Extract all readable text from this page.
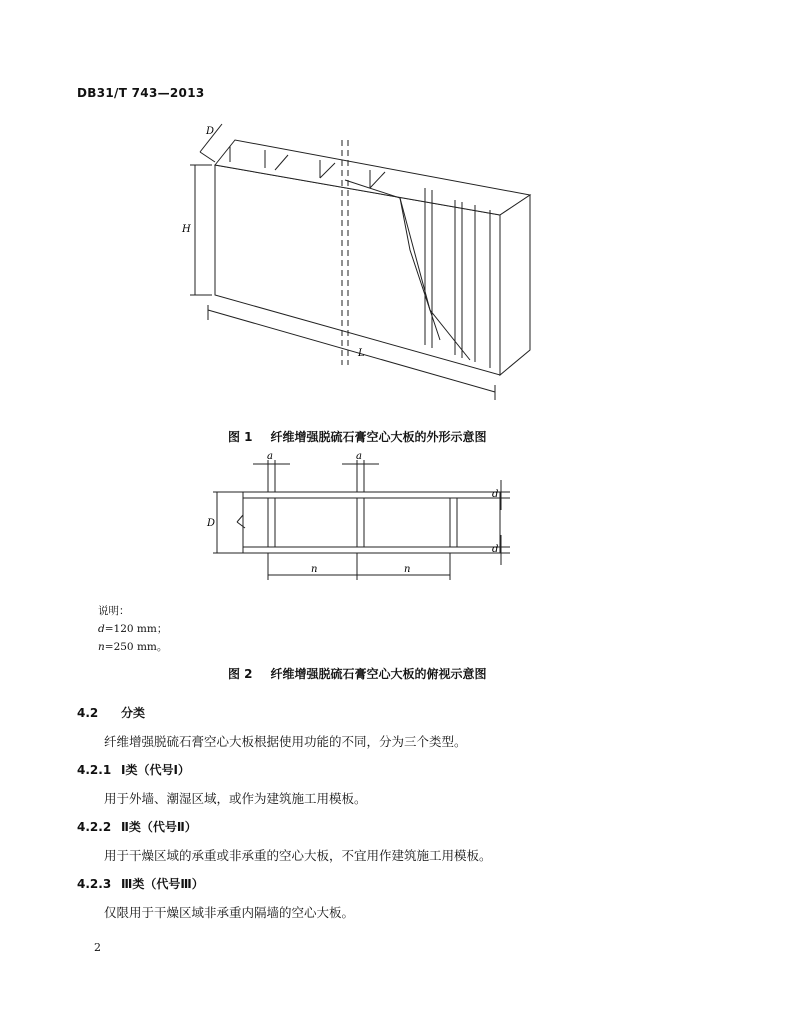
DB31/T 743—2013
H
D
L
图 1 纤维增强脱硫石膏空心大板的外形示意图
D
a	a
d
d
n	n
说明：
d=120 mm；
n=250 mm。
图 2 纤维增强脱硫石膏空心大板的俯视示意图
4.2 分类
纤维增强脱硫石膏空心大板根据使用功能的不同，分为三个类型。
4.2.1 Ⅰ类（代号Ⅰ）
用于外墙、潮湿区域，或作为建筑施工用模板。
4.2.2 Ⅱ类（代号Ⅱ）
用于干燥区域的承重或非承重的空心大板，不宜用作建筑施工用模板。
4.2.3 Ⅲ类（代号Ⅲ）
仅限用于干燥区域非承重内隔墙的空心大板。
2
